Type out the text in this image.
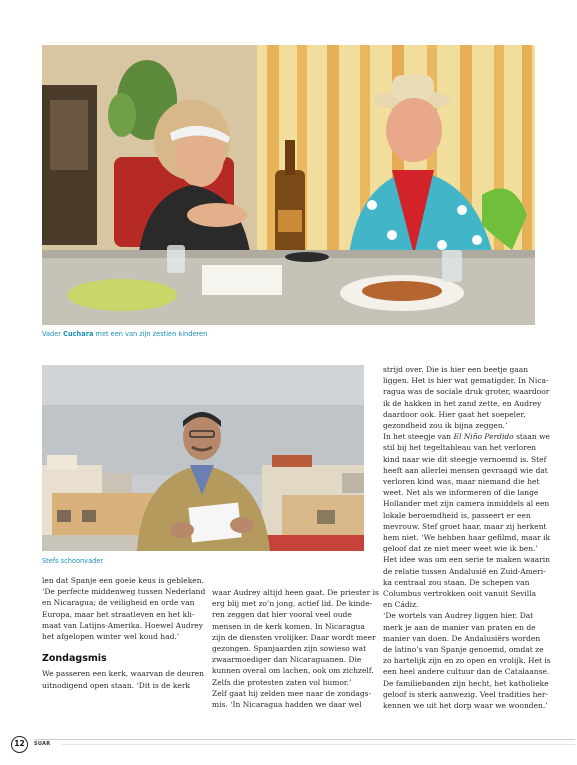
Vader Cuchara met een van zijn zestien kinderen
Stefs schoonvader

len dat Spanje een goeie keus is gebleken.

‘De perfecte middenweg tussen Nederland

en Nicaragua; de veiligheid en orde van

Europa, maar het straatleven en het kli-

maat van Latijns-Amerika. Hoewel Audrey

het afgelopen winter wel koud had.’

Zondagsmis

We passeren een kerk, waarvan de deuren

uitnodigend open staan. ‘Dit is de kerk

waar Audrey altijd heen gaat. De priester is

erg blij met zo’n jong, actief lid. De kinde-

ren zeggen dat hier vooral veel oude

mensen in de kerk komen. In Nicaragua

zijn de diensten vrolijker. Daar wordt meer

gezongen. Spanjaarden zijn sowieso wat

zwaarmoediger dan Nicaraguanen. Die

kunnen overal om lachen, ook om zichzelf.

Zelfs die protesten zaten vol humor.’

Zelf gaat hij zelden mee naar de zondags-

mis. ‘In Nicaragua hadden we daar wel

strijd over. Die is hier een beetje gaan

liggen. Het is hier wat gematigder. In Nica-

ragua was de sociale druk groter, waardoor

ik de hakken in het zand zette, en Audrey

daardoor ook. Hier gaat het soepeler,

gezondheid zou ik bijna zeggen.’

In het steegje van El Niño Perdido staan we

stil bij het tegeltableau van het verloren

kind naar wie dit steegje vernoemd is. Stef

heeft aan allerlei mensen gevraagd wie dat

verloren kind was, maar niemand die het

weet. Net als we informeren of die lange

Hollander met zijn camera inmiddels al een

lokale beroemdheid is, passeert er een

mevrouw. Stef groet haar, maar zij herkent

hem niet. ‘We hebben haar gefilmd, maar ik

geloof dat ze niet meer weet wie ik ben.’

Het idee was om een serie te maken waarin

de relatie tussen Andalusië en Zuid-Ameri-

ka centraal zou staan. De schepen van

Columbus vertrokken ooit vanuit Sevilla

en Cádiz.

‘De wortels van Audrey liggen hier. Dat

merk je aan de manier van praten en de

manier van doen. De Andalusiërs worden

de latino’s van Spanje genoemd, omdat ze

zo hartelijk zijn en zo open en vrolijk. Het is

een heel andere cultuur dan de Catalaanse.

De familiebanden zijn hecht, het katholieke

geloof is sterk aanwezig. Veel tradities her-

kennen we uit het dorp waar we woonden.’

12	SUAR
